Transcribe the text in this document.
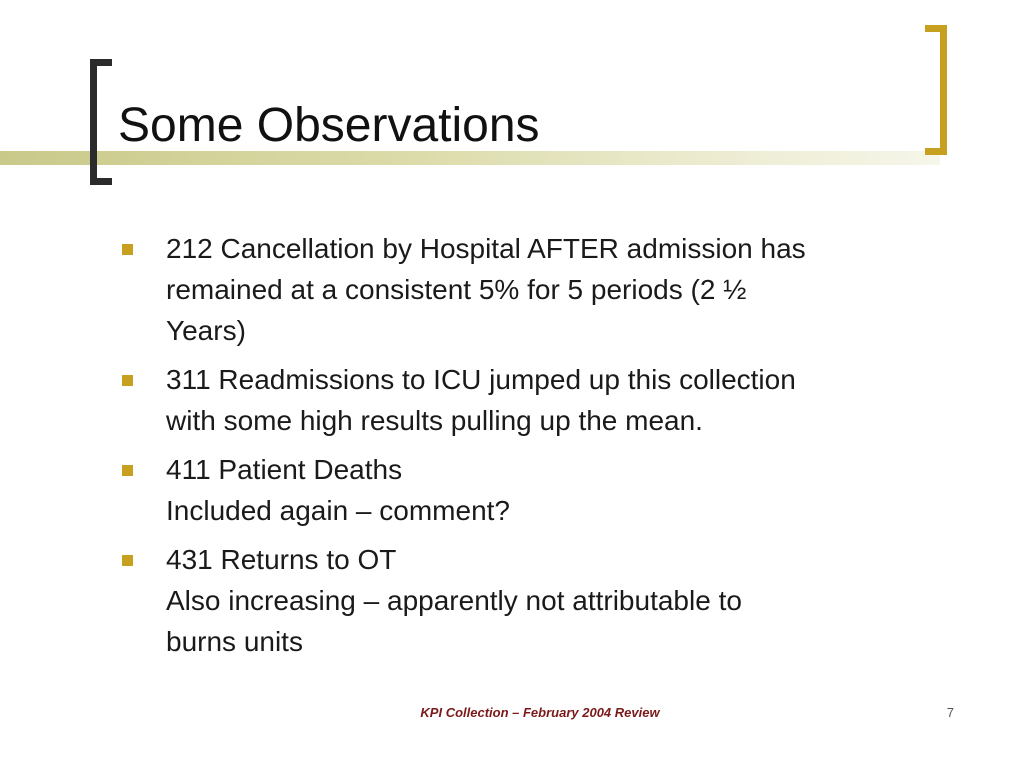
Some Observations
212 Cancellation by Hospital AFTER admission has
remained at a consistent 5% for 5 periods (2 ½
Years)
311 Readmissions to ICU jumped up this collection
with some high results pulling up the mean.
411 Patient Deaths
Included again – comment?
431 Returns to OT
Also increasing – apparently not attributable to
burns units
KPI Collection – February 2004 Review	7
